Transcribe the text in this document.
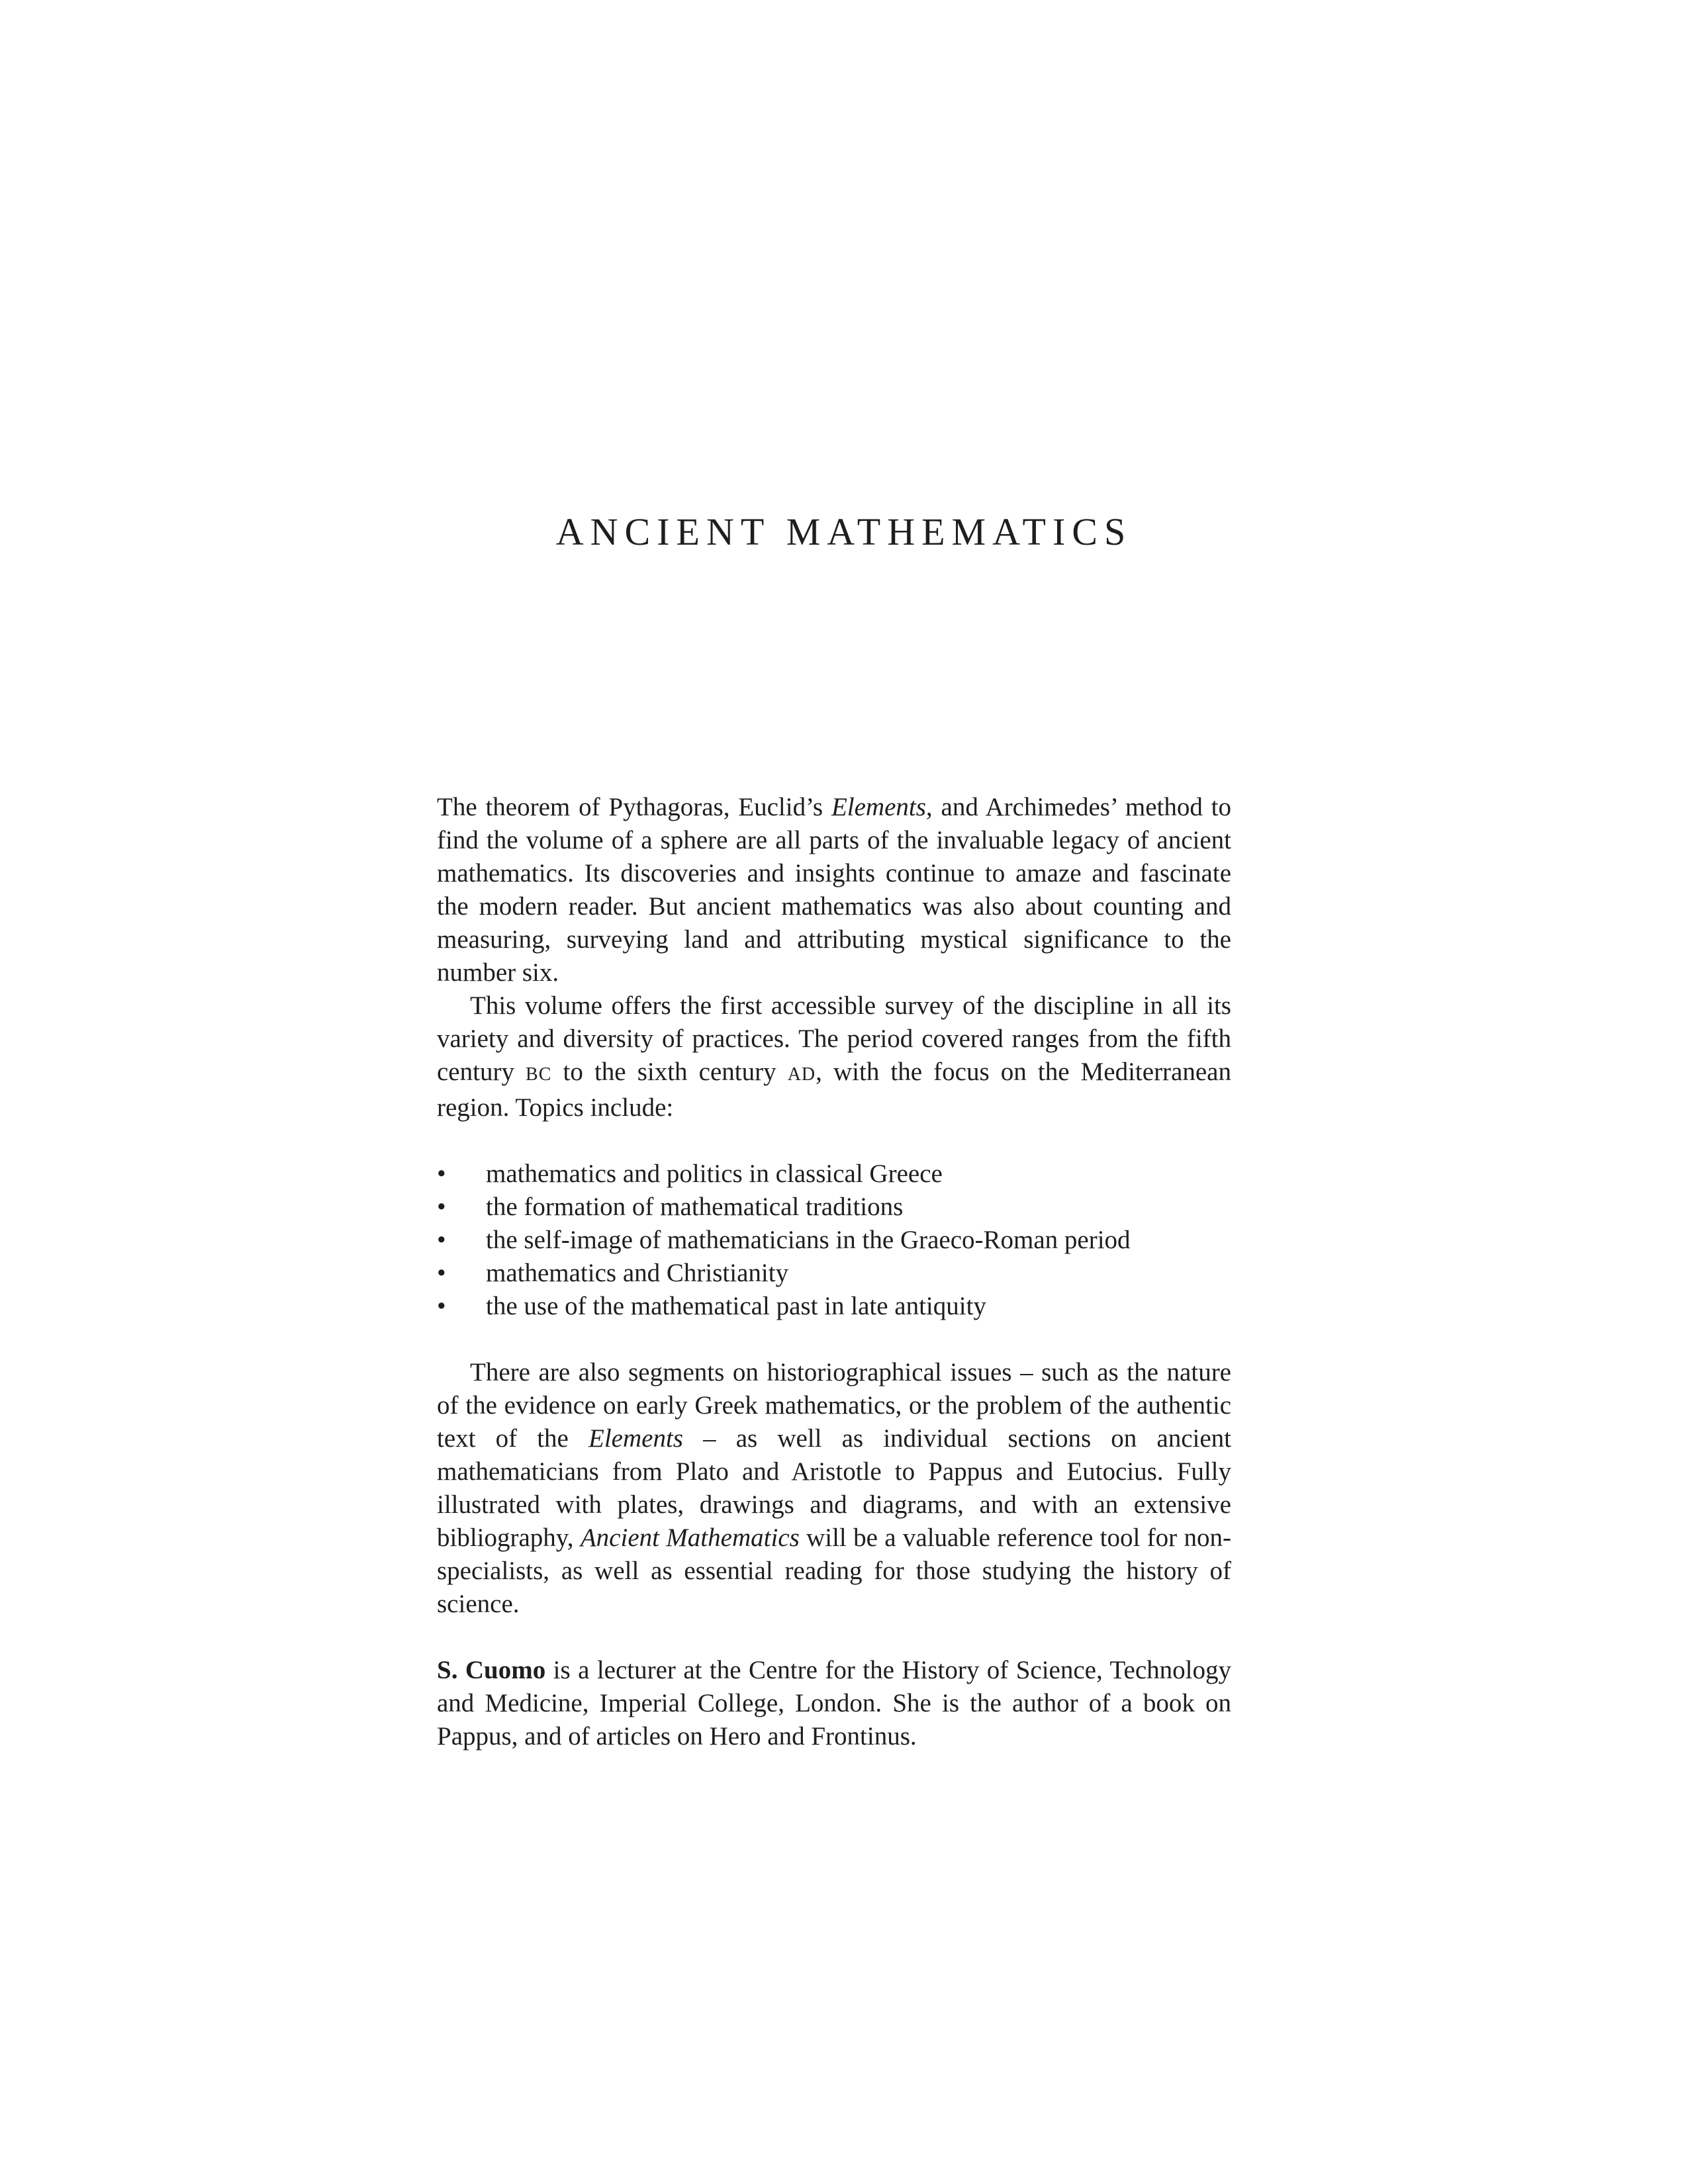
ANCIENT MATHEMATICS

The theorem of Pythagoras, Euclid’s Elements, and Archimedes’ method to find the volume of a sphere are all parts of the invaluable legacy of ancient mathematics. Its discoveries and insights continue to amaze and fascinate the modern reader. But ancient mathematics was also about counting and measuring, surveying land and attributing mystical significance to the number six.

This volume offers the first accessible survey of the discipline in all its variety and diversity of practices. The period covered ranges from the fifth century BC to the sixth century AD, with the focus on the Mediterranean region. Topics include:

• mathematics and politics in classical Greece
• the formation of mathematical traditions
• the self-image of mathematicians in the Graeco-Roman period
• mathematics and Christianity
• the use of the mathematical past in late antiquity

There are also segments on historiographical issues – such as the nature of the evidence on early Greek mathematics, or the problem of the authentic text of the Elements – as well as individual sections on ancient mathematicians from Plato and Aristotle to Pappus and Eutocius. Fully illustrated with plates, drawings and diagrams, and with an extensive bibliography, Ancient Mathematics will be a valuable reference tool for non-specialists, as well as essential reading for those studying the history of science.

S. Cuomo is a lecturer at the Centre for the History of Science, Technology and Medicine, Imperial College, London. She is the author of a book on Pappus, and of articles on Hero and Frontinus.
